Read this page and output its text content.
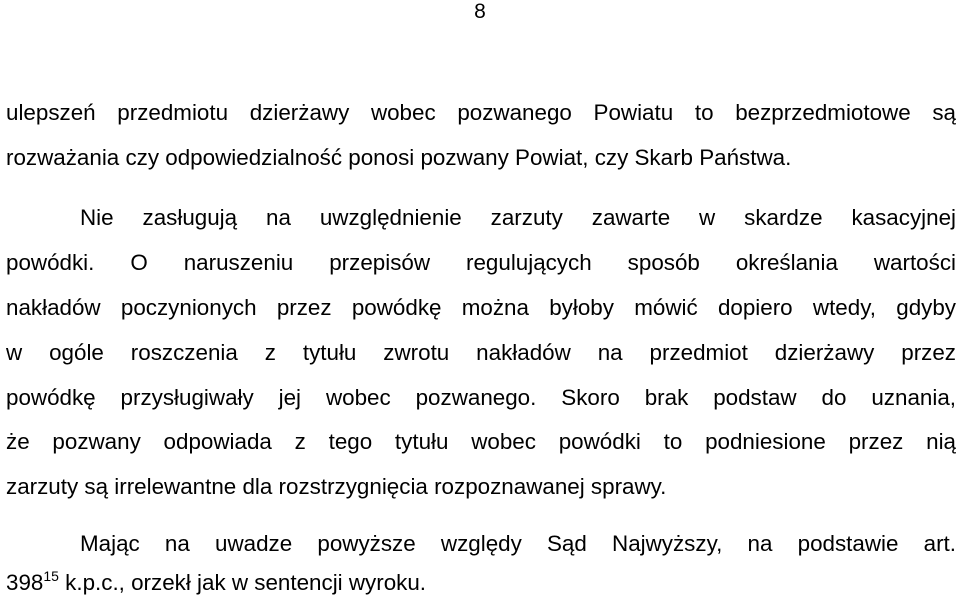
8
ulepszeń przedmiotu dzierżawy wobec pozwanego Powiatu to bezprzedmiotowe są
rozważania czy odpowiedzialność ponosi pozwany Powiat, czy Skarb Państwa.
Nie zasługują na uwzględnienie zarzuty zawarte w skardze kasacyjnej
powódki. O naruszeniu przepisów regulujących sposób określania wartości
nakładów poczynionych przez powódkę można byłoby mówić dopiero wtedy, gdyby
w ogóle roszczenia z tytułu zwrotu nakładów na przedmiot dzierżawy przez
powódkę przysługiwały jej wobec pozwanego. Skoro brak podstaw do uznania,
że pozwany odpowiada z tego tytułu wobec powódki to podniesione przez nią
zarzuty są irrelewantne dla rozstrzygnięcia rozpoznawanej sprawy.
Mając na uwadze powyższe względy Sąd Najwyższy, na podstawie art.
$398^{15}$ k.p.c., orzekł jak w sentencji wyroku.
